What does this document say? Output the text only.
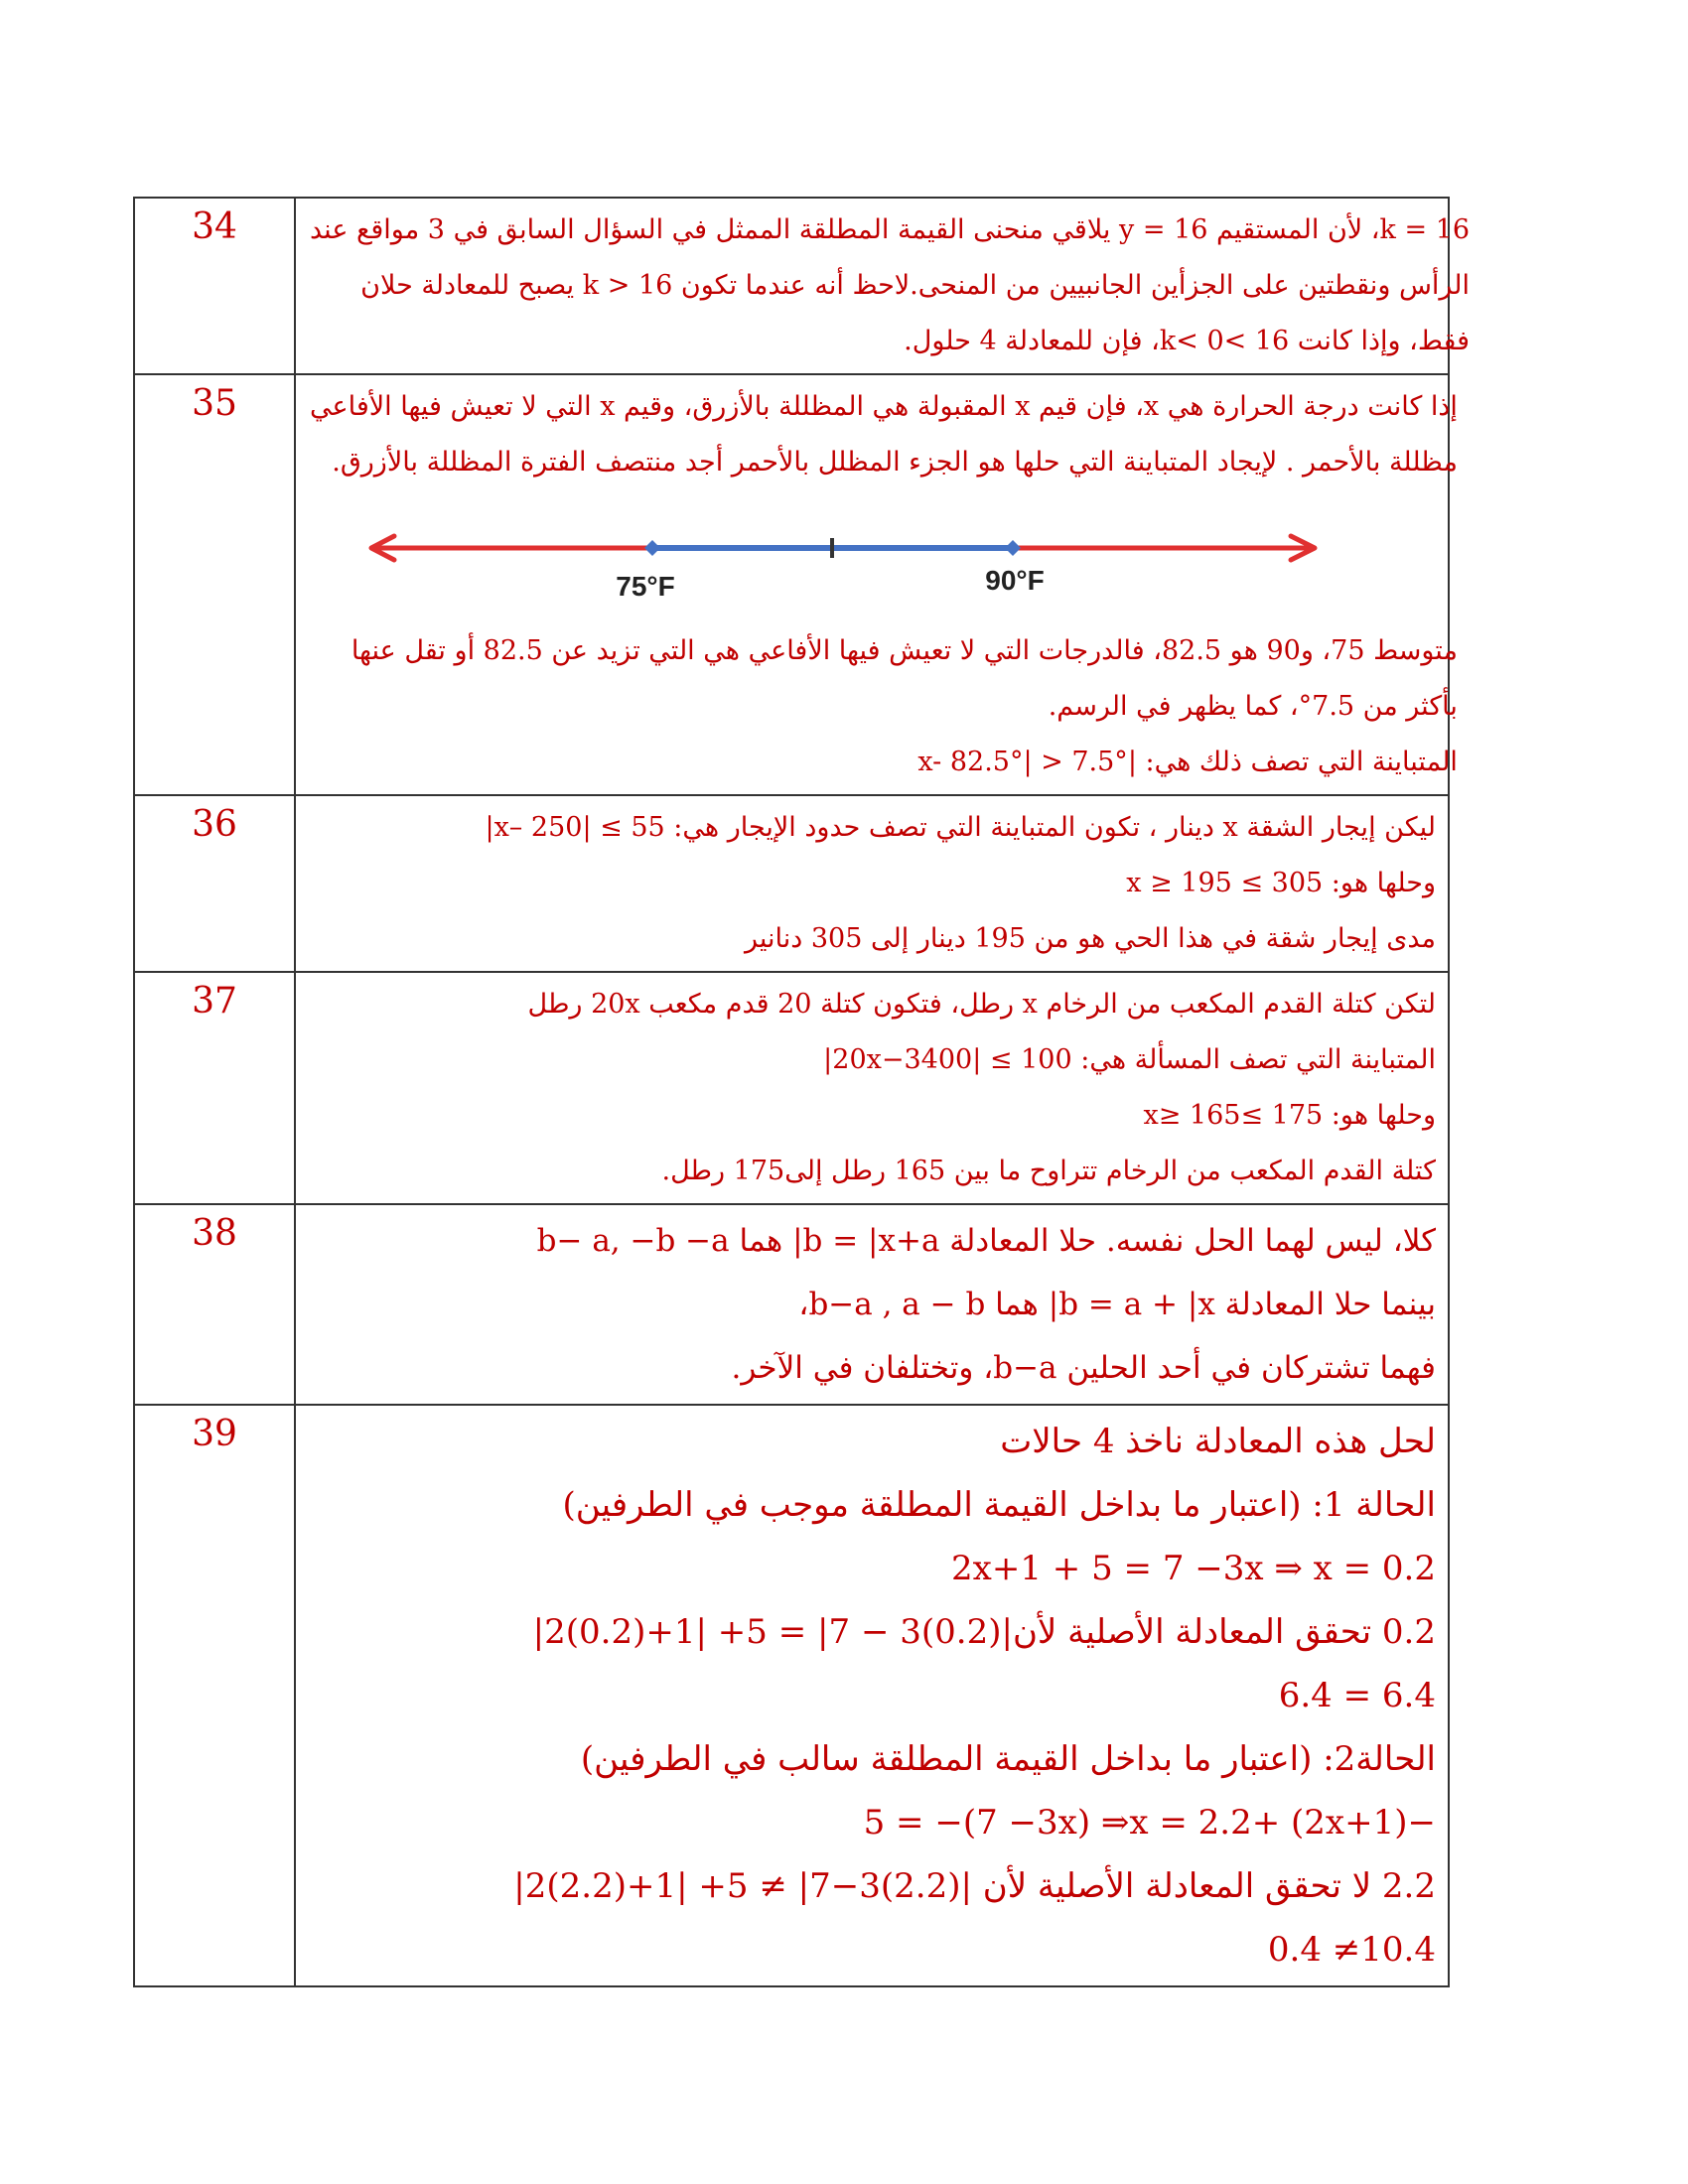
34	16 = k، لأن المستقيم 16 = y يلاقي منحنى القيمة المطلقة الممثل في السؤال السابق في 3 مواقع عند
الرأس ونقطتين على الجزأين الجانبيين من المنحى.لاحظ أنه عندما تكون 16 < k يصبح للمعادلة حلان
فقط، وإذا كانت 16 >k< 0، فإن للمعادلة 4 حلول.
35	إذا كانت درجة الحرارة هي x، فإن قيم x المقبولة هي المظللة بالأزرق، وقيم x التي لا تعيش فيها الأفاعي
مظللة بالأحمر . لإيجاد المتباينة التي حلها هو الجزء المظلل بالأحمر أجد منتصف الفترة المظللة بالأزرق.
75°F	90°F
متوسط 75، و90 هو 82.5، فالدرجات التي لا تعيش فيها الأفاعي هي التي تزيد عن 82.5 أو تقل عنها
بأكثر من 7.5°، كما يظهر في الرسم.
المتباينة التي تصف ذلك هي: |x- 82.5°| > 7.5°
36	ليكن إيجار الشقة x دينار ، تكون المتباينة التي تصف حدود الإيجار هي: 55 ≥ |250 –x|
وحلها هو: 305 ≥ x ≥ 195
مدى إيجار شقة في هذا الحي هو من 195 دينار إلى 305 دنانير
37	لتكن كتلة القدم المكعب من الرخام x رطل، فتكون كتلة 20 قدم مكعب 20x رطل
المتباينة التي تصف المسألة هي: 100 ≥ |20x−3400|
وحلها هو: 175 ≥x≥ 165
كتلة القدم المكعب من الرخام تتراوح ما بين 165 رطل إلى175 رطل.
38	كلا، ليس لهما الحل نفسه. حلا المعادلة b = |x+a| هما b− a, −b −a
بينما حلا المعادلة b = a + |x| هما b−a , a − b،
فهما تشتركان في أحد الحلين b−a، وتختلفان في الآخر.
39	لحل هذه المعادلة ناخذ 4 حالات
الحالة 1: (اعتبار ما بداخل القيمة المطلقة موجب في الطرفين)
2x+1 + 5 = 7 −3x ⇒ x = 0.2
0.2 تحقق المعادلة الأصلية لأن|(0.2)3 − 7| = 5+ |1+(0.2)2|
6.4 = 6.4
الحالة2: (اعتبار ما بداخل القيمة المطلقة سالب في الطرفين)
−(2x+1) +5 = −(7 −3x) ⇒x = 2.2
2.2 لا تحقق المعادلة الأصلية لأن |(2.2)3−7| ≠ 5+ |1+(2.2)2|
10.4≠ 0.4
